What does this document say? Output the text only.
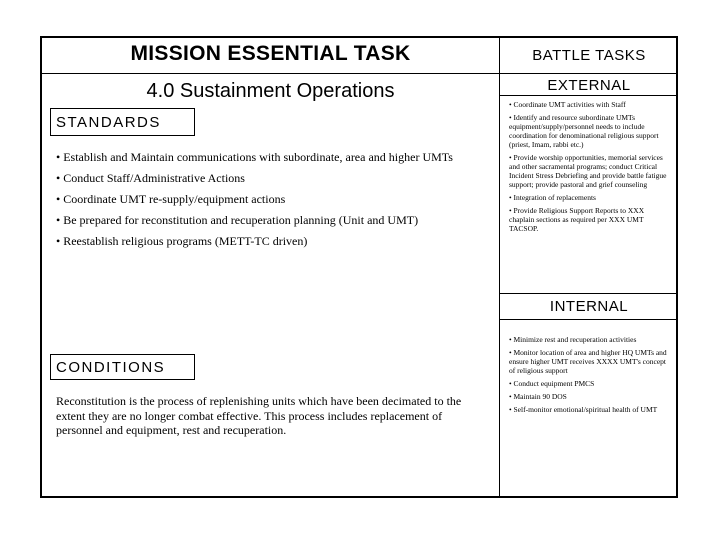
MISSION ESSENTIAL TASK
4.0 Sustainment Operations
STANDARDS
• Establish and Maintain communications with subordinate, area and higher UMTs
• Conduct Staff/Administrative Actions
• Coordinate UMT re-supply/equipment actions
• Be prepared for reconstitution and recuperation planning (Unit and UMT)
• Reestablish religious programs (METT-TC driven)
CONDITIONS
Reconstitution is the process of replenishing units which have been decimated to the extent they are no longer combat effective. This process includes replacement of personnel and equipment, rest and recuperation.
BATTLE TASKS
EXTERNAL
• Coordinate UMT activities with Staff
• Identify and resource subordinate UMTs equipment/supply/personnel needs to include coordination for denominational religious support (priest, Imam, rabbi etc.)
• Provide worship opportunities, memorial services and other sacramental programs; conduct Critical Incident Stress Debriefing and provide battle fatigue support; provide pastoral and grief counseling
• Integration of replacements
• Provide Religious Support Reports to XXX chaplain sections as required per XXX UMT TACSOP.
INTERNAL
• Minimize rest and recuperation activities
• Monitor location of area and higher HQ UMTs and ensure higher UMT receives XXXX UMT's concept of religious support
• Conduct equipment PMCS
• Maintain 90 DOS
• Self-monitor emotional/spiritual health of UMT
